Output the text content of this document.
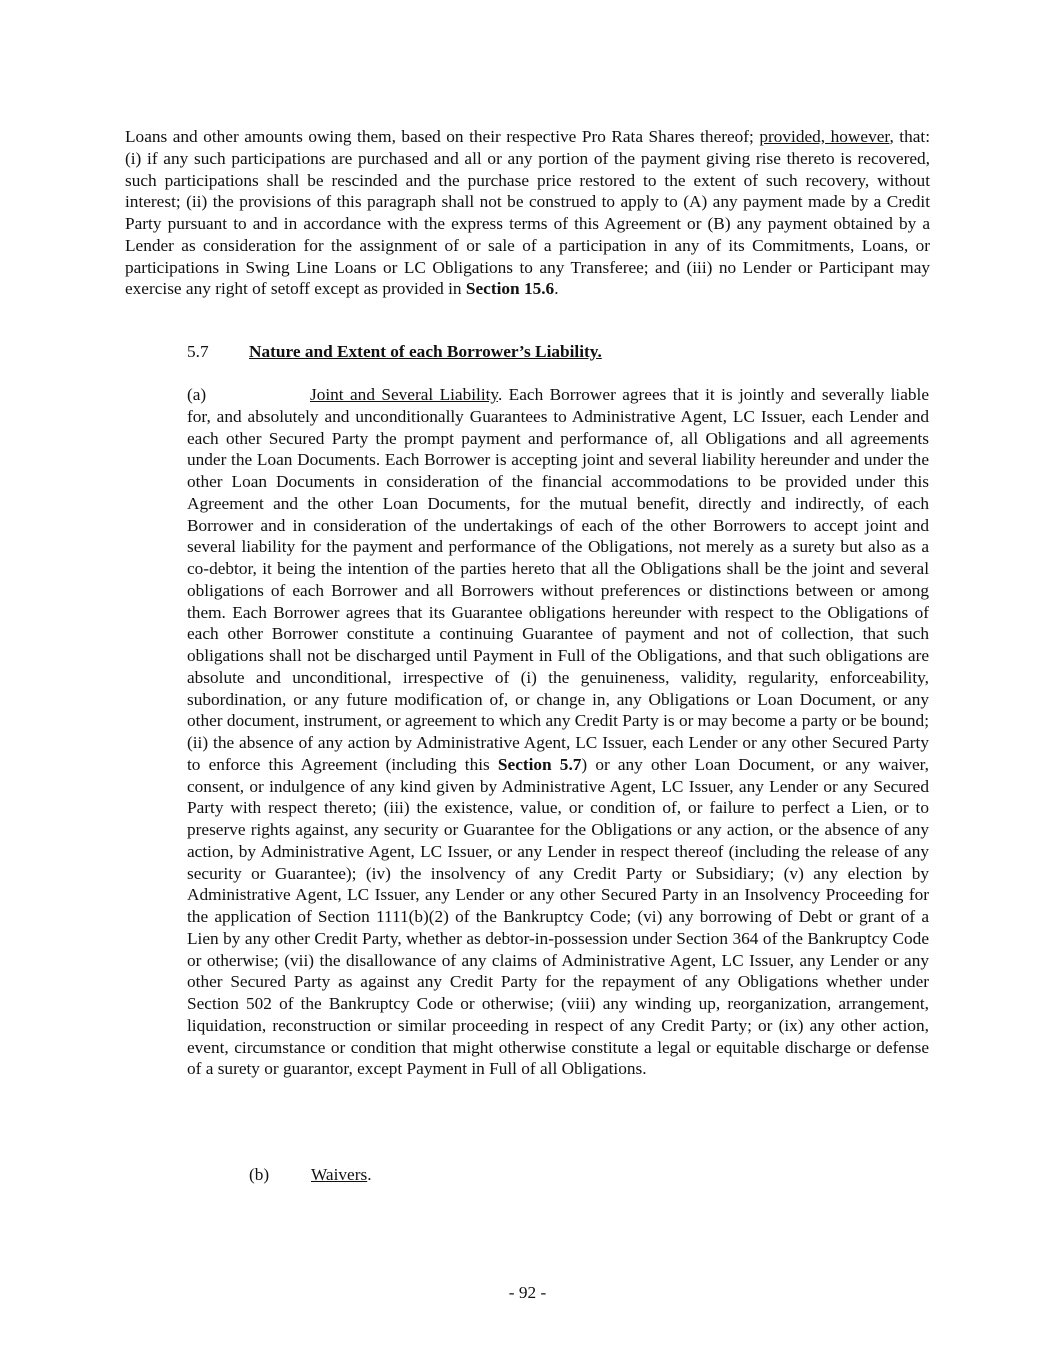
Loans and other amounts owing them, based on their respective Pro Rata Shares thereof; provided, however, that: (i) if any such participations are purchased and all or any portion of the payment giving rise thereto is recovered, such participations shall be rescinded and the purchase price restored to the extent of such recovery, without interest; (ii) the provisions of this paragraph shall not be construed to apply to (A) any payment made by a Credit Party pursuant to and in accordance with the express terms of this Agreement or (B) any payment obtained by a Lender as consideration for the assignment of or sale of a participation in any of its Commitments, Loans, or participations in Swing Line Loans or LC Obligations to any Transferee; and (iii) no Lender or Participant may exercise any right of setoff except as provided in Section 15.6.

5.7 Nature and Extent of each Borrower’s Liability.

(a)	Joint and Several Liability. Each Borrower agrees that it is jointly and severally liable for, and absolutely and unconditionally Guarantees to Administrative Agent, LC Issuer, each Lender and each other Secured Party the prompt payment and performance of, all Obligations and all agreements under the Loan Documents. Each Borrower is accepting joint and several liability hereunder and under the other Loan Documents in consideration of the financial accommodations to be provided under this Agreement and the other Loan Documents, for the mutual benefit, directly and indirectly, of each Borrower and in consideration of the undertakings of each of the other Borrowers to accept joint and several liability for the payment and performance of the Obligations, not merely as a surety but also as a co-debtor, it being the intention of the parties hereto that all the Obligations shall be the joint and several obligations of each Borrower and all Borrowers without preferences or distinctions between or among them. Each Borrower agrees that its Guarantee obligations hereunder with respect to the Obligations of each other Borrower constitute a continuing Guarantee of payment and not of collection, that such obligations shall not be discharged until Payment in Full of the Obligations, and that such obligations are absolute and unconditional, irrespective of (i) the genuineness, validity, regularity, enforceability, subordination, or any future modification of, or change in, any Obligations or Loan Document, or any other document, instrument, or agreement to which any Credit Party is or may become a party or be bound; (ii) the absence of any action by Administrative Agent, LC Issuer, each Lender or any other Secured Party to enforce this Agreement (including this Section 5.7) or any other Loan Document, or any waiver, consent, or indulgence of any kind given by Administrative Agent, LC Issuer, any Lender or any Secured Party with respect thereto; (iii) the existence, value, or condition of, or failure to perfect a Lien, or to preserve rights against, any security or Guarantee for the Obligations or any action, or the absence of any action, by Administrative Agent, LC Issuer, or any Lender in respect thereof (including the release of any security or Guarantee); (iv) the insolvency of any Credit Party or Subsidiary; (v) any election by Administrative Agent, LC Issuer, any Lender or any other Secured Party in an Insolvency Proceeding for the application of Section 1111(b)(2) of the Bankruptcy Code; (vi) any borrowing of Debt or grant of a Lien by any other Credit Party, whether as debtor-in-possession under Section 364 of the Bankruptcy Code or otherwise; (vii) the disallowance of any claims of Administrative Agent, LC Issuer, any Lender or any other Secured Party as against any Credit Party for the repayment of any Obligations whether under Section 502 of the Bankruptcy Code or otherwise; (viii) any winding up, reorganization, arrangement, liquidation, reconstruction or similar proceeding in respect of any Credit Party; or (ix) any other action, event, circumstance or condition that might otherwise constitute a legal or equitable discharge or defense of a surety or guarantor, except Payment in Full of all Obligations.

(b) Waivers.

- 92 -
